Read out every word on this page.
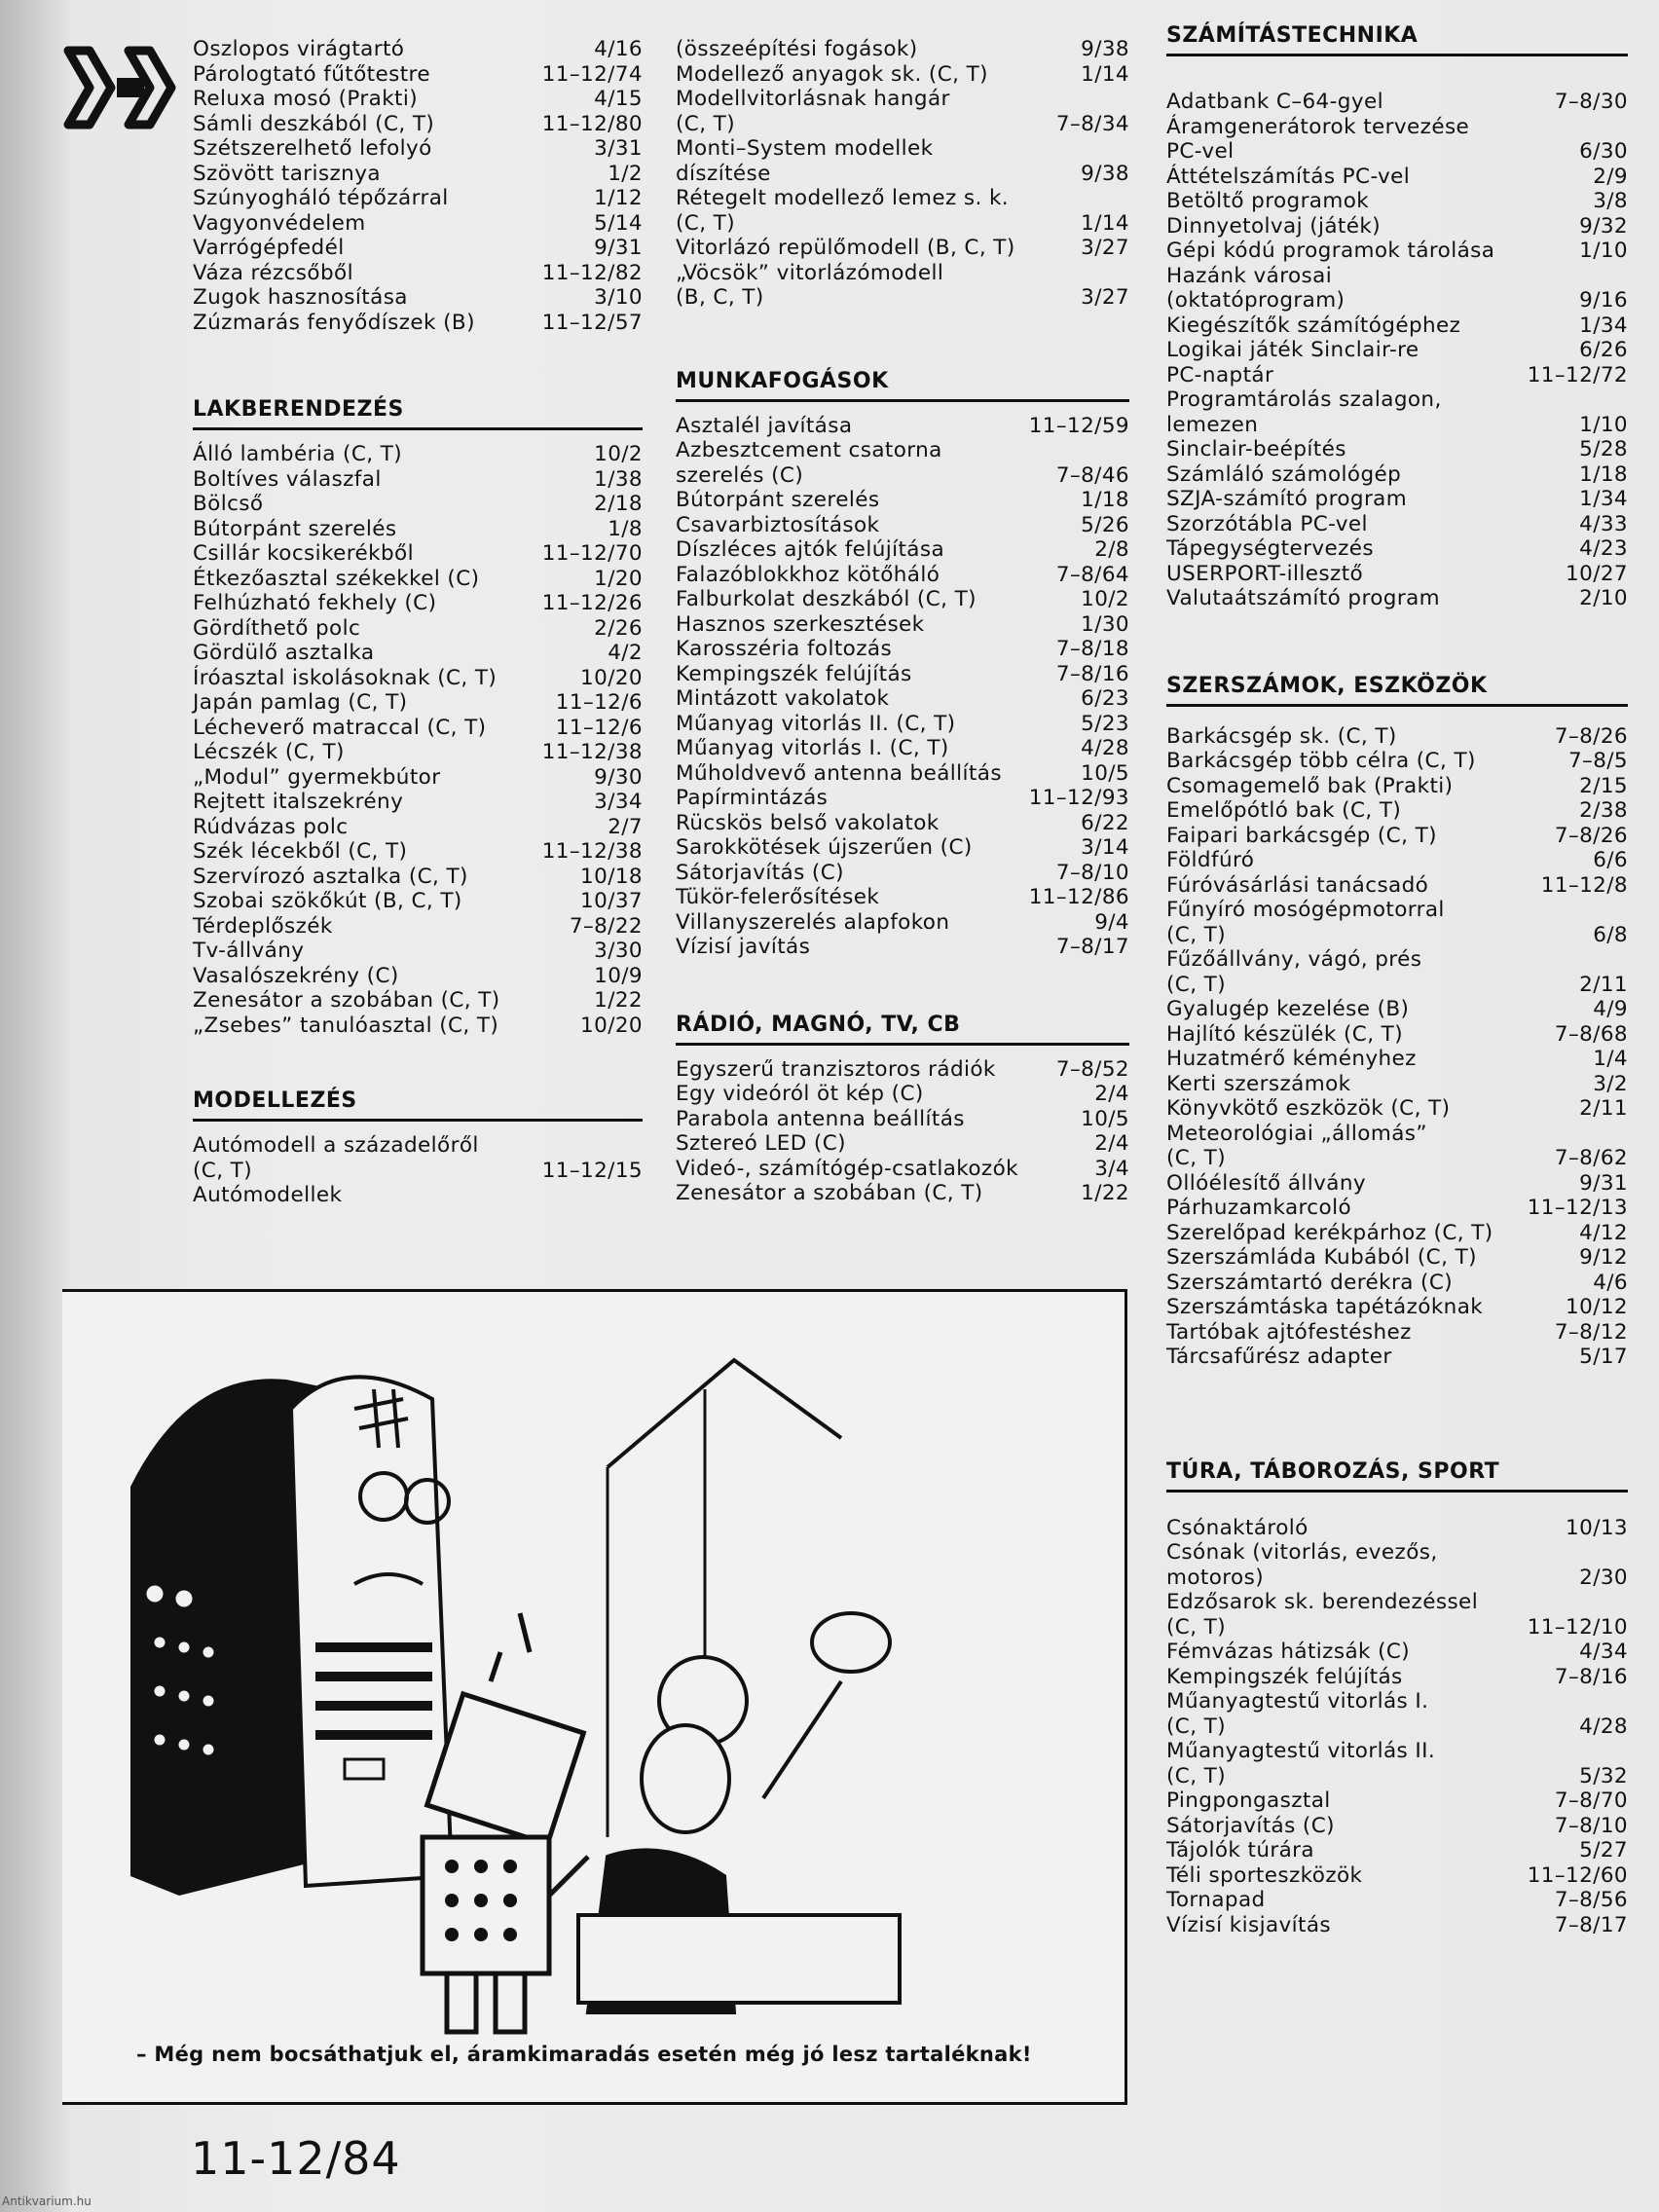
Oszlopos virágtartó	4/16
Párologtató fűtőtestre	11–12/74
Reluxa mosó (Prakti)	4/15
Sámli deszkából (C, T)	11–12/80
Szétszerelhető lefolyó	3/31
Szövött tarisznya	1/2
Szúnyogháló tépőzárral	1/12
Vagyonvédelem	5/14
Varrógépfedél	9/31
Váza rézcsőből	11–12/82
Zugok hasznosítása	3/10
Zúzmarás fenyődíszek (B)	11–12/57
LAKBERENDEZÉS
Álló lambéria (C, T)	10/2
Boltíves válaszfal	1/38
Bölcső	2/18
Bútorpánt szerelés	1/8
Csillár kocsikerékből	11–12/70
Étkezőasztal székekkel (C)	1/20
Felhúzható fekhely (C)	11–12/26
Gördíthető polc	2/26
Gördülő asztalka	4/2
Íróasztal iskolásoknak (C, T)	10/20
Japán pamlag (C, T)	11–12/6
Lécheverő matraccal (C, T)	11–12/6
Lécszék (C, T)	11–12/38
„Modul” gyermekbútor	9/30
Rejtett italszekrény	3/34
Rúdvázas polc	2/7
Szék lécekből (C, T)	11–12/38
Szervírozó asztalka (C, T)	10/18
Szobai szökőkút (B, C, T)	10/37
Térdeplőszék	7–8/22
Tv-állvány	3/30
Vasalószekrény (C)	10/9
Zenesátor a szobában (C, T)	1/22
„Zsebes” tanulóasztal (C, T)	10/20
MODELLEZÉS
Autómodell a századelőről
(C, T)	11–12/15
Autómodellek
(összeépítési fogások)	9/38
Modellező anyagok sk. (C, T)	1/14
Modellvitorlásnak hangár
(C, T)	7–8/34
Monti–System modellek
díszítése	9/38
Rétegelt modellező lemez s. k.
(C, T)	1/14
Vitorlázó repülőmodell (B, C, T)	3/27
„Vöcsök” vitorlázómodell
(B, C, T)	3/27
MUNKAFOGÁSOK
Asztalél javítása	11–12/59
Azbesztcement csatorna
szerelés (C)	7–8/46
Bútorpánt szerelés	1/18
Csavarbiztosítások	5/26
Díszléces ajtók felújítása	2/8
Falazóblokkhoz kötőháló	7–8/64
Falburkolat deszkából (C, T)	10/2
Hasznos szerkesztések	1/30
Karosszéria foltozás	7–8/18
Kempingszék felújítás	7–8/16
Mintázott vakolatok	6/23
Műanyag vitorlás II. (C, T)	5/23
Műanyag vitorlás I. (C, T)	4/28
Műholdvevő antenna beállítás	10/5
Papírmintázás	11–12/93
Rücskös belső vakolatok	6/22
Sarokkötések újszerűen (C)	3/14
Sátorjavítás (C)	7–8/10
Tükör-felerősítések	11–12/86
Villanyszerelés alapfokon	9/4
Vízisí javítás	7–8/17
RÁDIÓ, MAGNÓ, TV, CB
Egyszerű tranzisztoros rádiók	7–8/52
Egy videóról öt kép (C)	2/4
Parabola antenna beállítás	10/5
Sztereó LED (C)	2/4
Videó-, számítógép-csatlakozók	3/4
Zenesátor a szobában (C, T)	1/22
SZÁMÍTÁSTECHNIKA
Adatbank C–64-gyel	7–8/30
Áramgenerátorok tervezése
PC-vel	6/30
Áttételszámítás PC-vel	2/9
Betöltő programok	3/8
Dinnyetolvaj (játék)	9/32
Gépi kódú programok tárolása	1/10
Hazánk városai
(oktatóprogram)	9/16
Kiegészítők számítógéphez	1/34
Logikai játék Sinclair-re	6/26
PC-naptár	11–12/72
Programtárolás szalagon,
lemezen	1/10
Sinclair-beépítés	5/28
Számláló számológép	1/18
SZJA-számító program	1/34
Szorzótábla PC-vel	4/33
Tápegységtervezés	4/23
USERPORT-illesztő	10/27
Valutaátszámító program	2/10
SZERSZÁMOK, ESZKÖZÖK
Barkácsgép sk. (C, T)	7–8/26
Barkácsgép több célra (C, T)	7–8/5
Csomagemelő bak (Prakti)	2/15
Emelőpótló bak (C, T)	2/38
Faipari barkácsgép (C, T)	7–8/26
Földfúró	6/6
Fúróvásárlási tanácsadó	11–12/8
Fűnyíró mosógépmotorral
(C, T)	6/8
Fűzőállvány, vágó, prés
(C, T)	2/11
Gyalugép kezelése (B)	4/9
Hajlító készülék (C, T)	7–8/68
Huzatmérő kéményhez	1/4
Kerti szerszámok	3/2
Könyvkötő eszközök (C, T)	2/11
Meteorológiai „állomás”
(C, T)	7–8/62
Ollóélesítő állvány	9/31
Párhuzamkarcoló	11–12/13
Szerelőpad kerékpárhoz (C, T)	4/12
Szerszámláda Kubából (C, T)	9/12
Szerszámtartó derékra (C)	4/6
Szerszámtáska tapétázóknak	10/12
Tartóbak ajtófestéshez	7–8/12
Tárcsafűrész adapter	5/17
TÚRA, TÁBOROZÁS, SPORT
Csónaktároló	10/13
Csónak (vitorlás, evezős,
motoros)	2/30
Edzősarok sk. berendezéssel
(C, T)	11–12/10
Fémvázas hátizsák (C)	4/34
Kempingszék felújítás	7–8/16
Műanyagtestű vitorlás I.
(C, T)	4/28
Műanyagtestű vitorlás II.
(C, T)	5/32
Pingpongasztal	7–8/70
Sátorjavítás (C)	7–8/10
Tájolók túrára	5/27
Téli sporteszközök	11–12/60
Tornapad	7–8/56
Vízisí kisjavítás	7–8/17
– Még nem bocsáthatjuk el, áramkimaradás esetén még jó lesz tartaléknak!
11-12/84
Antikvarium.hu
